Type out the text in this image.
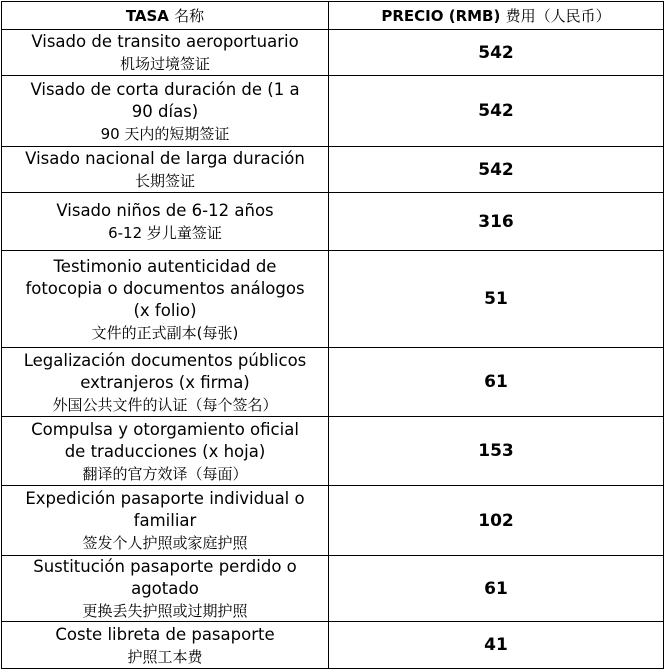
TASA 名称	PRECIO (RMB) 费用（人民币）

Visado de transito aeroportuario
机场过境签证	542

Visado de corta duración de (1 a
90 días)
90 天内的短期签证	542

Visado nacional de larga duración
长期签证	542

Visado niños de 6-12 años
6-12 岁儿童签证	316

Testimonio autenticidad de
fotocopia o documentos análogos
(x folio)
文件的正式副本(每张)	51

Legalización documentos públicos
extranjeros (x firma)
外国公共文件的认证（每个签名）	61

Compulsa y otorgamiento oficial
de traducciones (x hoja)
翻译的官方效译（每面）	153

Expedición pasaporte individual o
familiar
签发个人护照或家庭护照	102

Sustitución pasaporte perdido o
agotado
更换丢失护照或过期护照	61

Coste libreta de pasaporte
护照工本费	41
